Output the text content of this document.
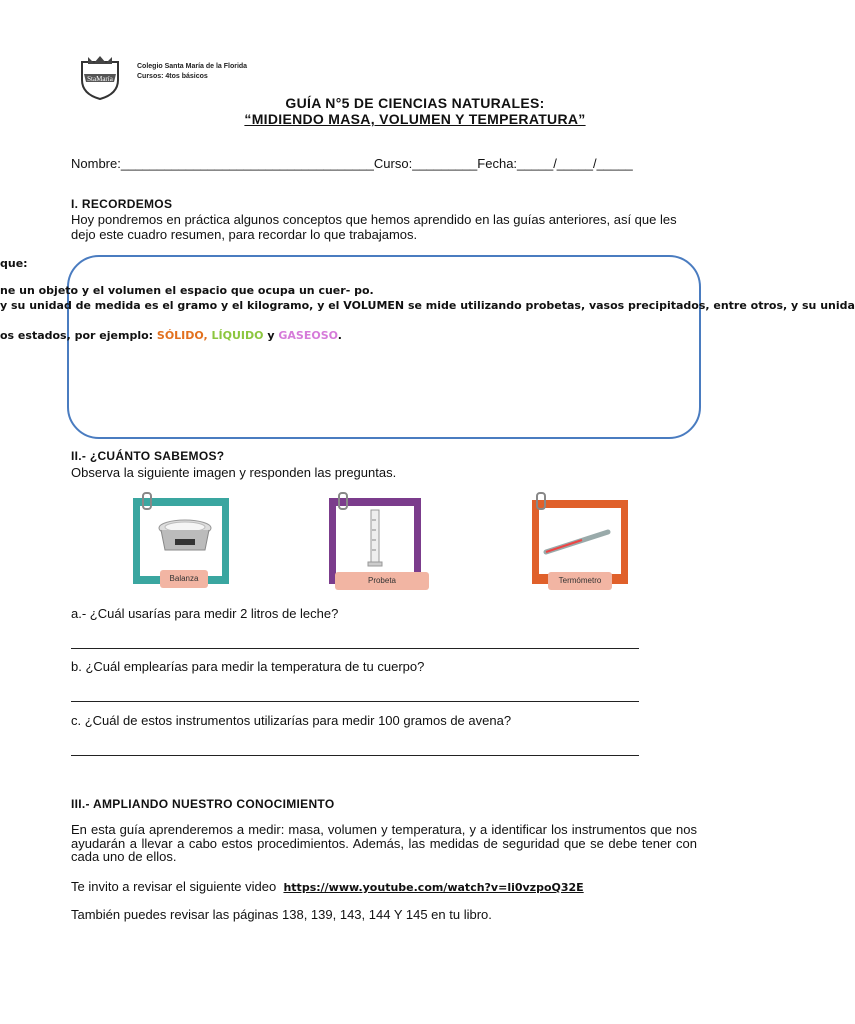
StaMaría
Colegio Santa María de la Florida
Cursos: 4tos básicos
GUÍA N°5 DE CIENCIAS NATURALES:
“MIDIENDO MASA, VOLUMEN Y TEMPERATURA”
Nombre:___________________________________Curso:_________Fecha:_____/_____/_____
I. RECORDEMOS
Hoy pondremos en práctica algunos conceptos que hemos aprendido en las guías anteriores, así que les dejo este cuadro resumen, para recordar lo que trabajamos.
que:
ne un objeto y el volumen el espacio que ocupa un cuer- po.
y su unidad de medida es el gramo y el kilogramo, y el VOLUMEN se mide utilizando probetas, vasos precipitados, entre otros, y su unida
os estados, por ejemplo: SÓLIDO, LÍQUIDO y GASEOSO.
II.- ¿CUÁNTO SABEMOS?
Observa la siguiente imagen y responden las preguntas.
Balanza	Probeta	Termómetro
a.- ¿Cuál usarías para medir 2 litros de leche?
b. ¿Cuál emplearías para medir la temperatura de tu cuerpo?
c. ¿Cuál de estos instrumentos utilizarías para medir 100 gramos de avena?
III.- AMPLIANDO NUESTRO CONOCIMIENTO
En esta guía aprenderemos a medir: masa, volumen y temperatura, y a identificar los instrumentos que nos ayudarán a llevar a cabo estos procedimientos. Además, las medidas de seguridad que se debe tener con cada uno de ellos.
Te invito a revisar el siguiente video https://www.youtube.com/watch?v=li0vzpoQ32E
También puedes revisar las páginas 138, 139, 143, 144 Y 145 en tu libro.
